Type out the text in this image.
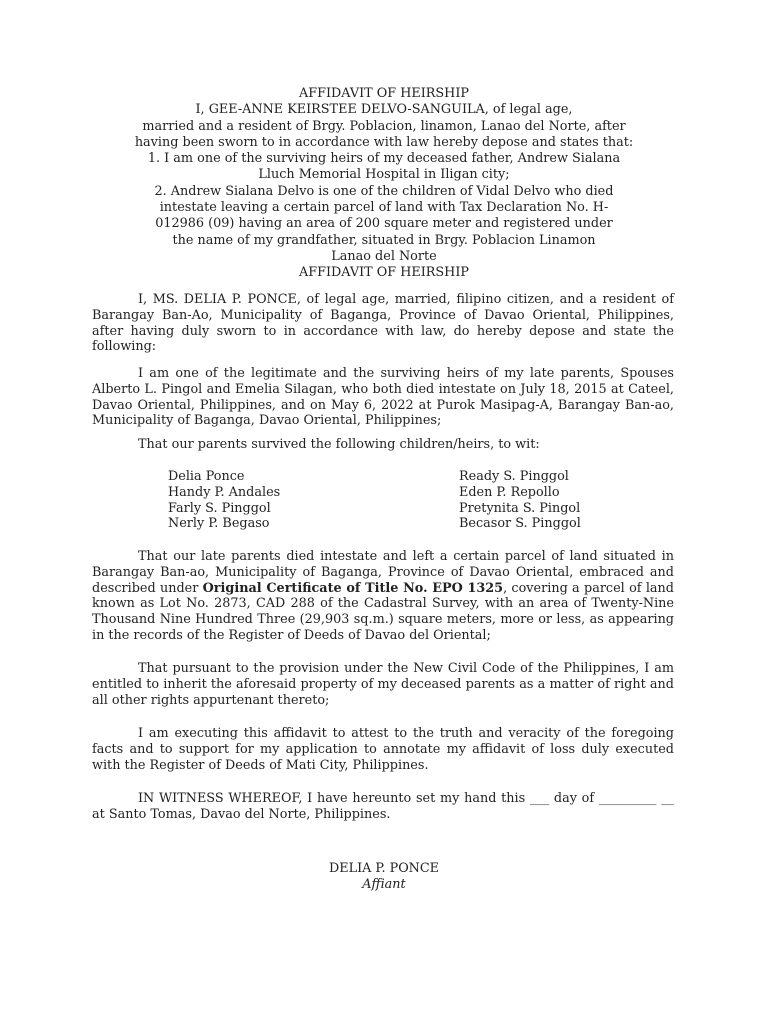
AFFIDAVIT OF HEIRSHIP
I, GEE-ANNE KEIRSTEE DELVO-SANGUILA, of legal age,
married and a resident of Brgy. Poblacion, linamon, Lanao del Norte, after
having been sworn to in accordance with law hereby depose and states that:
1. I am one of the surviving heirs of my deceased father, Andrew Sialana
Lluch Memorial Hospital in Iligan city;
2. Andrew Sialana Delvo is one of the children of Vidal Delvo who died
intestate leaving a certain parcel of land with Tax Declaration No. H-
012986 (09) having an area of 200 square meter and registered under
the name of my grandfather, situated in Brgy. Poblacion Linamon
Lanao del Norte
AFFIDAVIT OF HEIRSHIP

I, MS. DELIA P. PONCE, of legal age, married, filipino citizen, and a resident of Barangay Ban-Ao, Municipality of Baganga, Province of Davao Oriental, Philippines, after having duly sworn to in accordance with law, do hereby depose and state the following:

I am one of the legitimate and the surviving heirs of my late parents, Spouses Alberto L. Pingol and Emelia Silagan, who both died intestate on July 18, 2015 at Cateel, Davao Oriental, Philippines, and on May 6, 2022 at Purok Masipag-A, Barangay Ban-ao, Municipality of Baganga, Davao Oriental, Philippines;

That our parents survived the following children/heirs, to wit:

Delia Ponce
Handy P. Andales
Farly S. Pinggol
Nerly P. Begaso
Ready S. Pinggol
Eden P. Repollo
Pretynita S. Pingol
Becasor S. Pinggol

That our late parents died intestate and left a certain parcel of land situated in Barangay Ban-ao, Municipality of Baganga, Province of Davao Oriental, embraced and described under Original Certificate of Title No. EPO 1325, covering a parcel of land known as Lot No. 2873, CAD 288 of the Cadastral Survey, with an area of Twenty-Nine Thousand Nine Hundred Three (29,903 sq.m.) square meters, more or less, as appearing in the records of the Register of Deeds of Davao del Oriental;

That pursuant to the provision under the New Civil Code of the Philippines, I am entitled to inherit the aforesaid property of my deceased parents as a matter of right and all other rights appurtenant thereto;

I am executing this affidavit to attest to the truth and veracity of the foregoing facts and to support for my application to annotate my affidavit of loss duly executed with the Register of Deeds of Mati City, Philippines.

IN WITNESS WHEREOF, I have hereunto set my hand this ___ day of _________ __ at Santo Tomas, Davao del Norte, Philippines.

DELIA P. PONCE
Affiant
